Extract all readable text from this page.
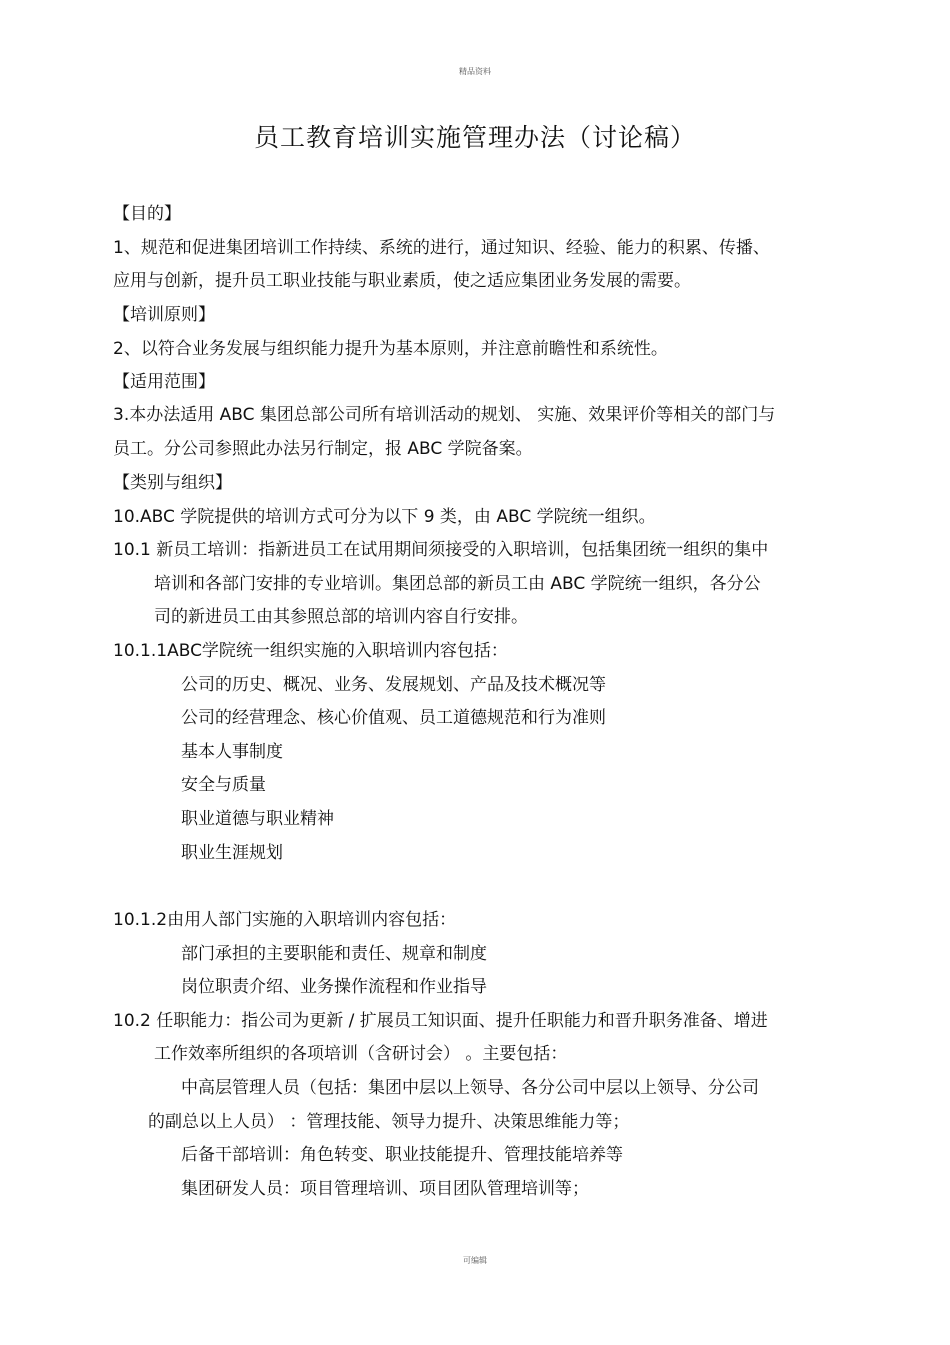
精品资料
员工教育培训实施管理办法（讨论稿）
【目的】
1、规范和促进集团培训工作持续、系统的进行，通过知识、经验、能力的积累、传播、
应用与创新，提升员工职业技能与职业素质，使之适应集团业务发展的需要。
【培训原则】
2、以符合业务发展与组织能力提升为基本原则，并注意前瞻性和系统性。
【适用范围】
3.本办法适用 ABC 集团总部公司所有培训活动的规划、 实施、效果评价等相关的部门与
员工。分公司参照此办法另行制定，报 ABC 学院备案。
【类别与组织】
10.ABC 学院提供的培训方式可分为以下 9 类，由 ABC 学院统一组织。
10.1 新员工培训：指新进员工在试用期间须接受的入职培训，包括集团统一组织的集中
培训和各部门安排的专业培训。集团总部的新员工由 ABC 学院统一组织，各分公
司的新进员工由其参照总部的培训内容自行安排。
10.1.1ABC学院统一组织实施的入职培训内容包括：
公司的历史、概况、业务、发展规划、产品及技术概况等
公司的经营理念、核心价值观、员工道德规范和行为准则
基本人事制度
安全与质量
职业道德与职业精神
职业生涯规划
10.1.2由用人部门实施的入职培训内容包括：
部门承担的主要职能和责任、规章和制度
岗位职责介绍、业务操作流程和作业指导
10.2 任职能力：指公司为更新 / 扩展员工知识面、提升任职能力和晋升职务准备、增进
工作效率所组织的各项培训（含研讨会） 。主要包括：
中高层管理人员（包括：集团中层以上领导、各分公司中层以上领导、分公司
的副总以上人员） ：管理技能、领导力提升、决策思维能力等；
后备干部培训：角色转变、职业技能提升、管理技能培养等
集团研发人员：项目管理培训、项目团队管理培训等；
可编辑
